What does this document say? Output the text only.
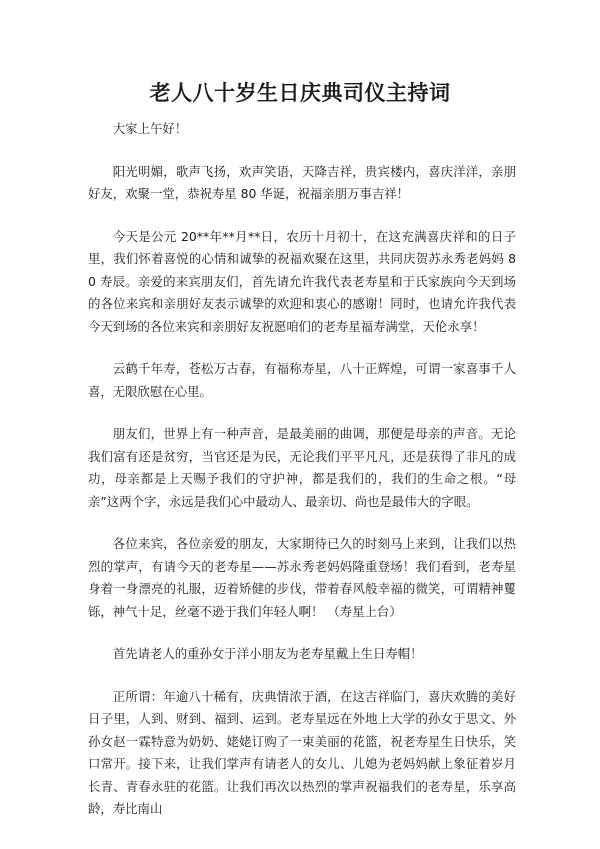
老人八十岁生日庆典司仪主持词

大家上午好！

阳光明媚，歌声飞扬，欢声笑语，天降吉祥，贵宾楼内，喜庆洋洋，亲朋好友，欢聚一堂，恭祝寿星 80 华诞，祝福亲朋万事吉祥！

今天是公元 20**年**月**日，农历十月初十，在这充满喜庆祥和的日子里，我们怀着喜悦的心情和诚挚的祝福欢聚在这里，共同庆贺苏永秀老妈妈 80 寿辰。亲爱的来宾朋友们，首先请允许我代表老寿星和于氏家族向今天到场的各位来宾和亲朋好友表示诚挚的欢迎和衷心的感谢！同时，也请允许我代表今天到场的各位来宾和亲朋好友祝愿咱们的老寿星福寿满堂，天伦永享！

云鹤千年寿，苍松万古春，有福称寿星，八十正辉煌，可谓一家喜事千人喜，无限欣慰在心里。

朋友们，世界上有一种声音，是最美丽的曲调，那便是母亲的声音。无论我们富有还是贫穷，当官还是为民，无论我们平平凡凡，还是获得了非凡的成功，母亲都是上天赐予我们的守护神，都是我们的，我们的生命之根。“母亲”这两个字，永远是我们心中最动人、最亲切、尚也是最伟大的字眼。

各位来宾，各位亲爱的朋友，大家期待已久的时刻马上来到，让我们以热烈的掌声，有请今天的老寿星——苏永秀老妈妈隆重登场！我们看到，老寿星身着一身漂亮的礼服，迈着矫健的步伐，带着春风般幸福的微笑，可谓精神矍铄，神气十足，丝毫不逊于我们年轻人啊！ （寿星上台）

首先请老人的重孙女于洋小朋友为老寿星戴上生日寿帽！

正所谓：年逾八十稀有，庆典情浓于酒，在这吉祥临门，喜庆欢腾的美好日子里，人到、财到、福到、运到。老寿星远在外地上大学的孙女于思文、外孙女赵一霖特意为奶奶、姥姥订购了一束美丽的花篮，祝老寿星生日快乐，笑口常开。接下来，让我们掌声有请老人的女儿、儿媳为老妈妈献上象征着岁月长青、青春永驻的花篮。让我们再次以热烈的掌声祝福我们的老寿星，乐享高龄，寿比南山
